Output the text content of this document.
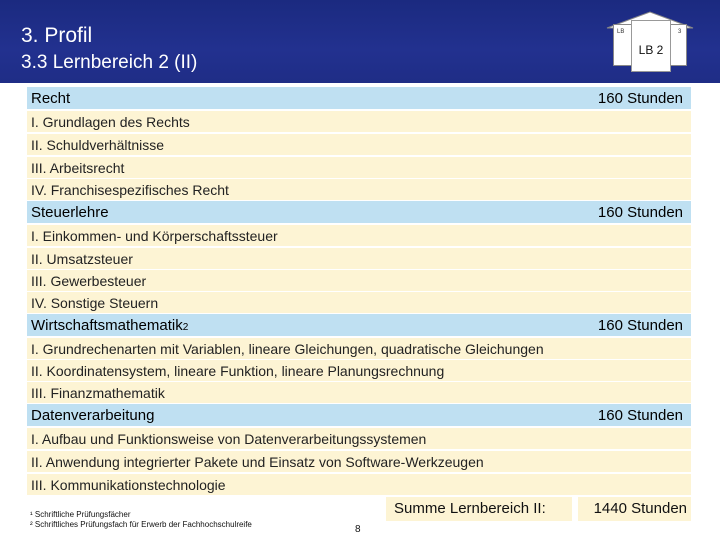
3. Profil
3.3 Lernbereich 2 (II)
LB	3
LB 2
Recht	160 Stunden
I. Grundlagen des Rechts
II. Schuldverhältnisse
III. Arbeitsrecht
IV. Franchisespezifisches Recht
Steuerlehre	160 Stunden
I. Einkommen- und Körperschaftssteuer
II. Umsatzsteuer
III. Gewerbesteuer
IV. Sonstige Steuern
Wirtschaftsmathematik2	160 Stunden
I. Grundrechenarten mit Variablen, lineare Gleichungen, quadratische Gleichungen
II. Koordinatensystem, lineare Funktion, lineare Planungsrechnung
III. Finanzmathematik
Datenverarbeitung	160 Stunden
I. Aufbau und Funktionsweise von Datenverarbeitungssystemen
II. Anwendung integrierter Pakete und Einsatz von Software-Werkzeugen
III. Kommunikationstechnologie
Summe Lernbereich II:	1440 Stunden
¹ Schriftliche Prüfungsfächer
² Schriftliches Prüfungsfach für Erwerb der Fachhochschulreife	8
